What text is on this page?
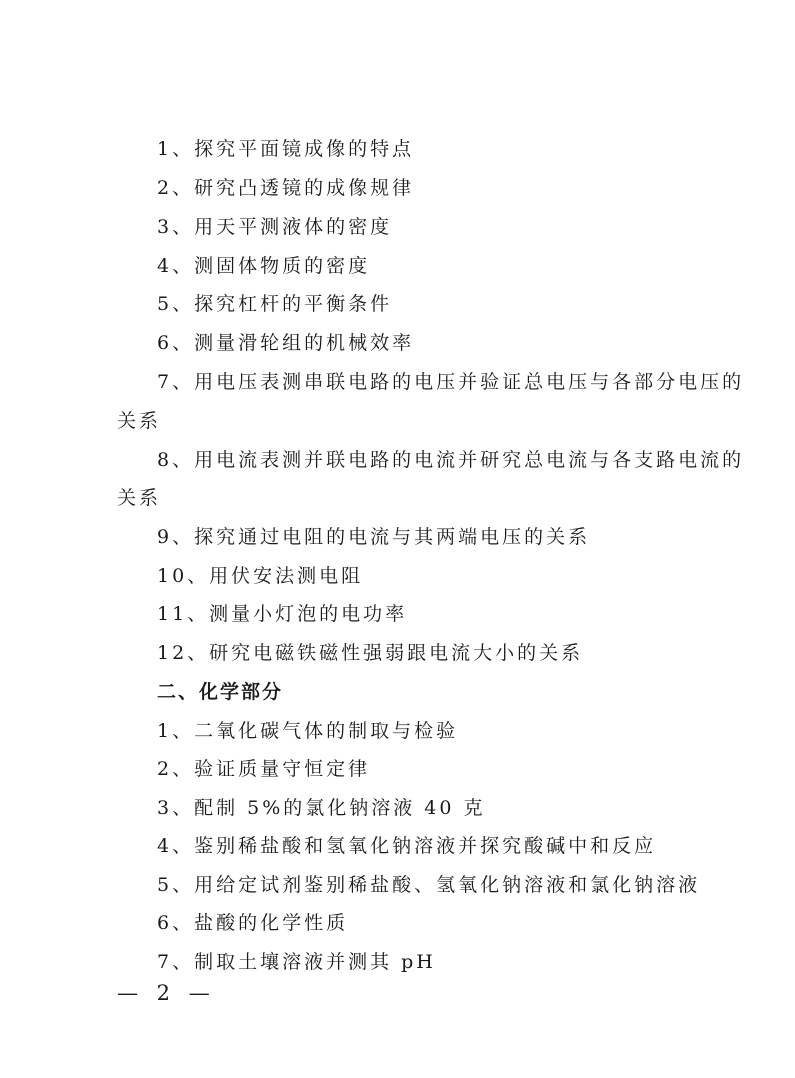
1、探究平面镜成像的特点
2、研究凸透镜的成像规律
3、用天平测液体的密度
4、测固体物质的密度
5、探究杠杆的平衡条件
6、测量滑轮组的机械效率
7、用电压表测串联电路的电压并验证总电压与各部分电压的
关系
8、用电流表测并联电路的电流并研究总电流与各支路电流的
关系
9、探究通过电阻的电流与其两端电压的关系
10、用伏安法测电阻
11、测量小灯泡的电功率
12、研究电磁铁磁性强弱跟电流大小的关系
二、化学部分
1、二氧化碳气体的制取与检验
2、验证质量守恒定律
3、配制 5%的氯化钠溶液 40 克
4、鉴别稀盐酸和氢氧化钠溶液并探究酸碱中和反应
5、用给定试剂鉴别稀盐酸、氢氧化钠溶液和氯化钠溶液
6、盐酸的化学性质
7、制取土壤溶液并测其 pH
— 2 —
